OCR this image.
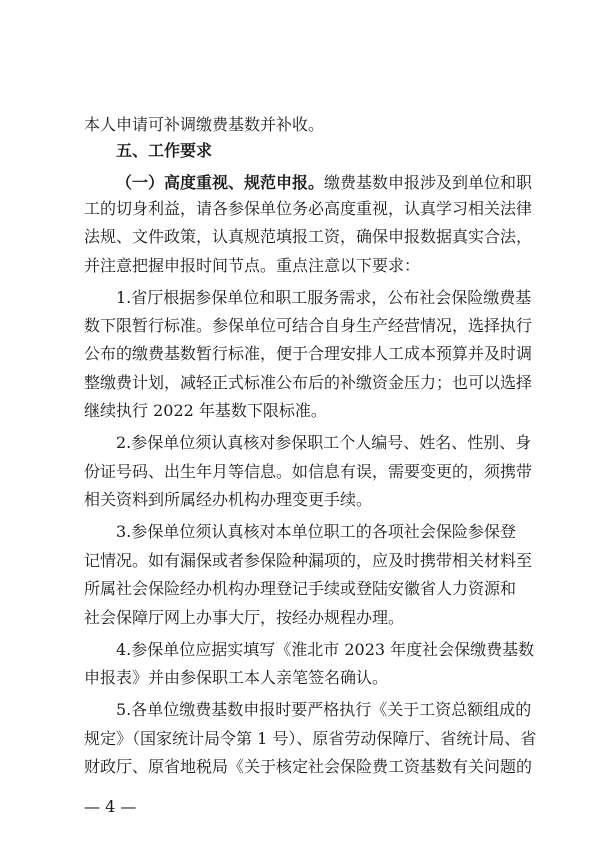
本人申请可补调缴费基数并补收。
五、工作要求
（一）高度重视、规范申报。缴费基数申报涉及到单位和职
工的切身利益，请各参保单位务必高度重视，认真学习相关法律
法规、文件政策，认真规范填报工资，确保申报数据真实合法，
并注意把握申报时间节点。重点注意以下要求：
1.省厅根据参保单位和职工服务需求，公布社会保险缴费基
数下限暂行标准。参保单位可结合自身生产经营情况，选择执行
公布的缴费基数暂行标准，便于合理安排人工成本预算并及时调
整缴费计划，减轻正式标准公布后的补缴资金压力；也可以选择
继续执行 2022 年基数下限标准。
2.参保单位须认真核对参保职工个人编号、姓名、性别、身
份证号码、出生年月等信息。如信息有误，需要变更的，须携带
相关资料到所属经办机构办理变更手续。
3.参保单位须认真核对本单位职工的各项社会保险参保登
记情况。如有漏保或者参保险种漏项的，应及时携带相关材料至
所属社会保险经办机构办理登记手续或登陆安徽省人力资源和
社会保障厅网上办事大厅，按经办规程办理。
4.参保单位应据实填写《淮北市 2023 年度社会保缴费基数
申报表》并由参保职工本人亲笔签名确认。
5.各单位缴费基数申报时要严格执行《关于工资总额组成的
— 4 —
规定》（国家统计局令第 1 号）、原省劳动保障厅、省统计局、省
财政厅、原省地税局《关于核定社会保险费工资基数有关问题的
